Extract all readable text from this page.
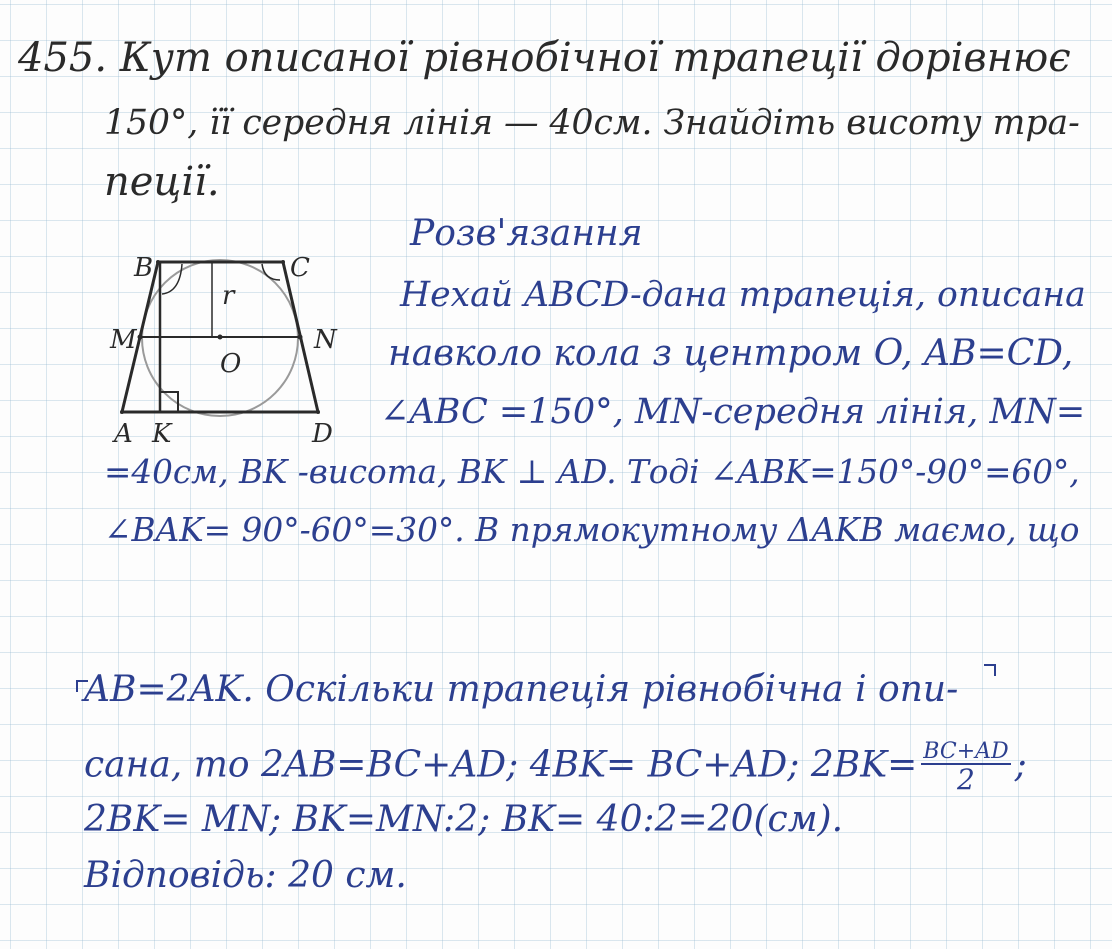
455. Кут описаної рівнобічної трапеції дорівнює
150°, її середня лінія — 40см. Знайдіть висоту тра-
пеції.
B	C
r
M	N
O
A K	D
Розв'язання
Нехай ABCD-дана трапеція, описана
навколо кола з центром O, AB=CD,
∠ABC =150°, MN-середня лінія, MN=
=40см, BK -висота, BK ⊥ AD. Тоді ∠ABK=150°-90°=60°,
∠BAK= 90°-60°=30°. В прямокутному ΔAKB маємо, що
AB=2AK. Оскільки трапеція рівнобічна і опи-
сана, то 2AB=BC+AD; 4BK= BC+AD; $2BK= \frac{BC+AD}{2}$ ;
2BK= MN; BK=MN:2; BK= 40:2=20(см).
Відповідь: 20 см.
